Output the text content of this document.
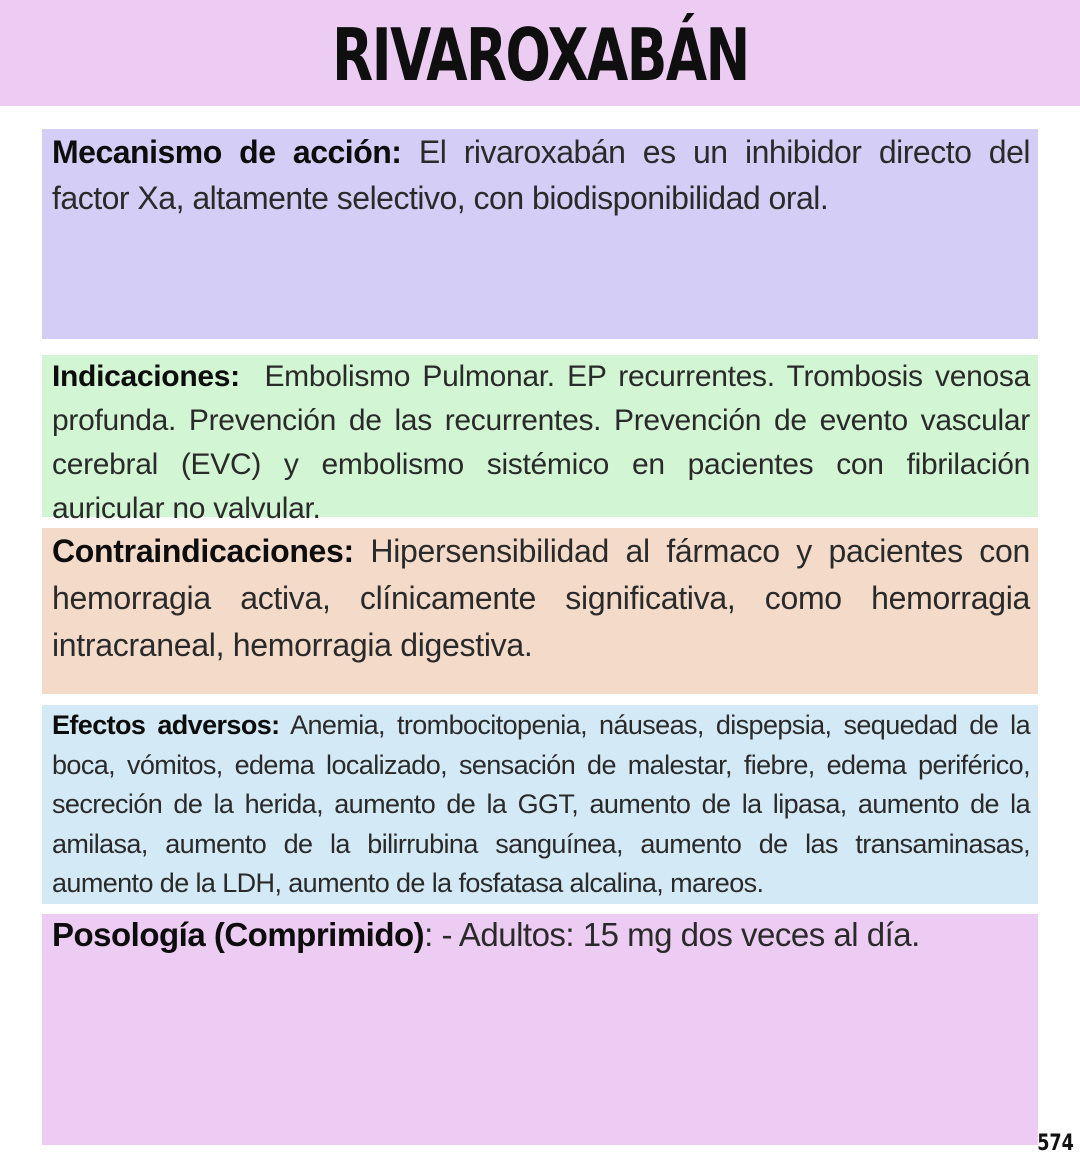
RIVAROXABÁN

Mecanismo de acción: El rivaroxabán es un inhibidor directo del factor Xa, altamente selectivo, con biodisponibilidad oral.

Indicaciones: Embolismo Pulmonar. EP recurrentes. Trombosis venosa profunda. Prevención de las recurrentes. Prevención de evento vascular cerebral (EVC) y embolismo sistémico en pacientes con fibrilación auricular no valvular.

Contraindicaciones: Hipersensibilidad al fármaco y pacientes con hemorragia activa, clínicamente significativa, como hemorragia intracraneal, hemorragia digestiva.

Efectos adversos: Anemia, trombocitopenia, náuseas, dispepsia, sequedad de la boca, vómitos, edema localizado, sensación de malestar, fiebre, edema periférico, secreción de la herida, aumento de la GGT, aumento de la lipasa, aumento de la amilasa, aumento de la bilirrubina sanguínea, aumento de las transaminasas, aumento de la LDH, aumento de la fosfatasa alcalina, mareos.

Posología (Comprimido): - Adultos: 15 mg dos veces al día.

574
